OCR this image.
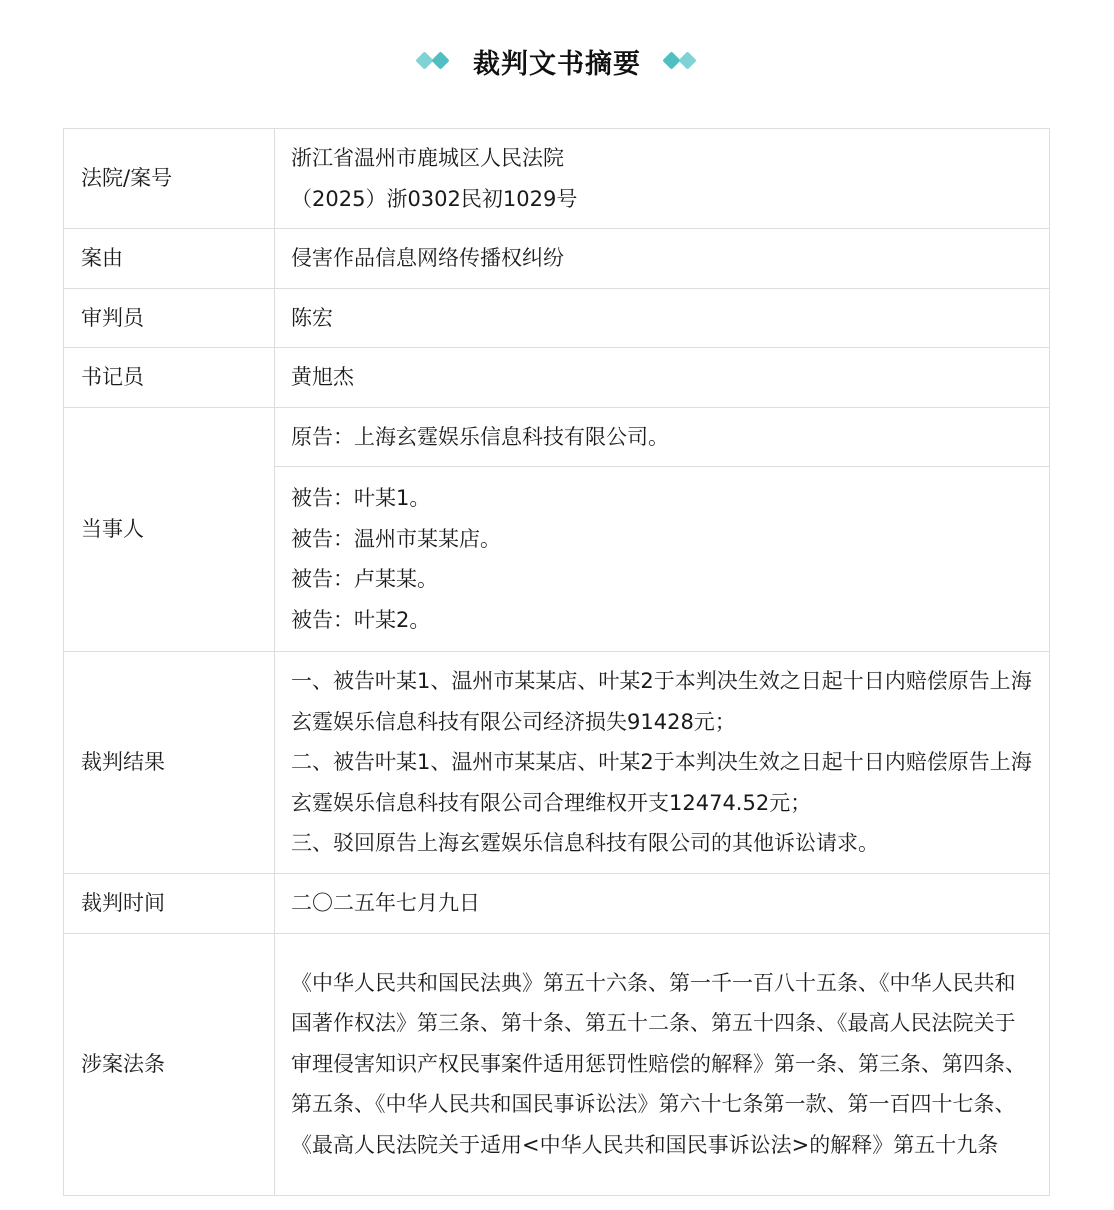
裁判文书摘要
法院/案号	浙江省温州市鹿城区人民法院
（2025）浙0302民初1029号

案由	侵害作品信息网络传播权纠纷
审判员	陈宏
书记员	黄旭杰
当事人	原告：上海玄霆娱乐信息科技有限公司。

	被告：叶某1。
被告：温州市某某店。
被告：卢某某。
被告：叶某2。

裁判结果	一、被告叶某1、温州市某某店、叶某2于本判决生效之日起十日内赔偿原告上海玄霆娱乐信息科技有限公司经济损失91428元；
二、被告叶某1、温州市某某店、叶某2于本判决生效之日起十日内赔偿原告上海玄霆娱乐信息科技有限公司合理维权开支12474.52元；
三、驳回原告上海玄霆娱乐信息科技有限公司的其他诉讼请求。

裁判时间	二〇二五年七月九日
涉案法条	《中华人民共和国民法典》第五十六条、第一千一百八十五条、《中华人民共和国著作权法》第三条、第十条、第五十二条、第五十四条、《最高人民法院关于审理侵害知识产权民事案件适用惩罚性赔偿的解释》第一条、第三条、第四条、第五条、《中华人民共和国民事诉讼法》第六十七条第一款、第一百四十七条、《最高人民法院关于适用<中华人民共和国民事诉讼法>的解释》第五十九条
